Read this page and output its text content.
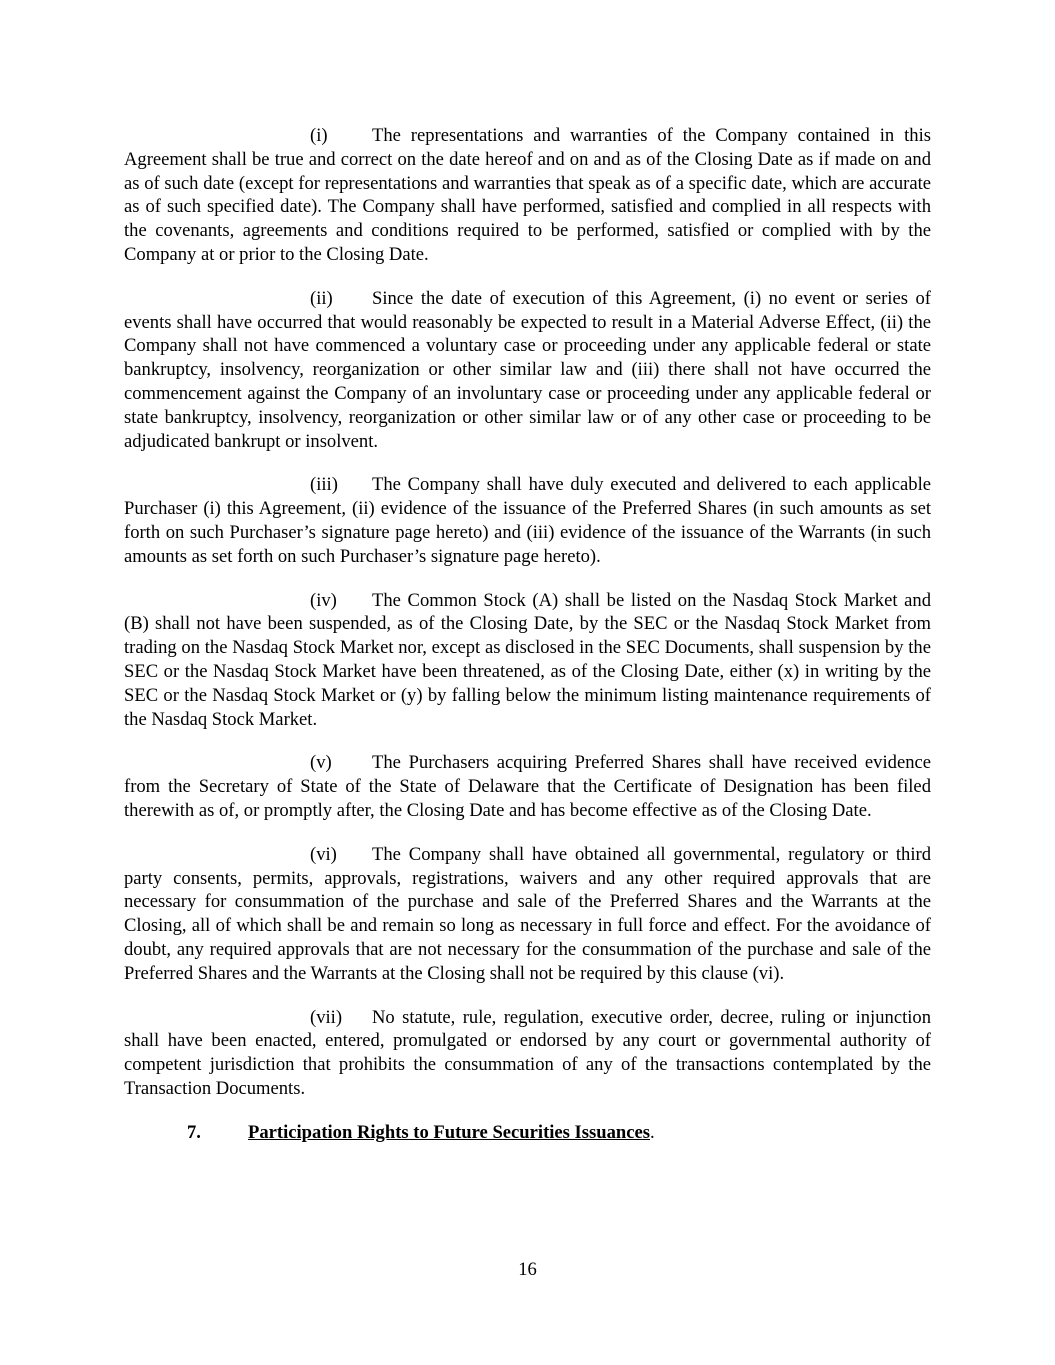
(i) The representations and warranties of the Company contained in this Agreement shall be true and correct on the date hereof and on and as of the Closing Date as if made on and as of such date (except for representations and warranties that speak as of a specific date, which are accurate as of such specified date). The Company shall have performed, satisfied and complied in all respects with the covenants, agreements and conditions required to be performed, satisfied or complied with by the Company at or prior to the Closing Date.

(ii) Since the date of execution of this Agreement, (i) no event or series of events shall have occurred that would reasonably be expected to result in a Material Adverse Effect, (ii) the Company shall not have commenced a voluntary case or proceeding under any applicable federal or state bankruptcy, insolvency, reorganization or other similar law and (iii) there shall not have occurred the commencement against the Company of an involuntary case or proceeding under any applicable federal or state bankruptcy, insolvency, reorganization or other similar law or of any other case or proceeding to be adjudicated bankrupt or insolvent.

(iii) The Company shall have duly executed and delivered to each applicable Purchaser (i) this Agreement, (ii) evidence of the issuance of the Preferred Shares (in such amounts as set forth on such Purchaser’s signature page hereto) and (iii) evidence of the issuance of the Warrants (in such amounts as set forth on such Purchaser’s signature page hereto).

(iv) The Common Stock (A) shall be listed on the Nasdaq Stock Market and (B) shall not have been suspended, as of the Closing Date, by the SEC or the Nasdaq Stock Market from trading on the Nasdaq Stock Market nor, except as disclosed in the SEC Documents, shall suspension by the SEC or the Nasdaq Stock Market have been threatened, as of the Closing Date, either (x) in writing by the SEC or the Nasdaq Stock Market or (y) by falling below the minimum listing maintenance requirements of the Nasdaq Stock Market.

(v) The Purchasers acquiring Preferred Shares shall have received evidence from the Secretary of State of the State of Delaware that the Certificate of Designation has been filed therewith as of, or promptly after, the Closing Date and has become effective as of the Closing Date.

(vi) The Company shall have obtained all governmental, regulatory or third party consents, permits, approvals, registrations, waivers and any other required approvals that are necessary for consummation of the purchase and sale of the Preferred Shares and the Warrants at the Closing, all of which shall be and remain so long as necessary in full force and effect. For the avoidance of doubt, any required approvals that are not necessary for the consummation of the purchase and sale of the Preferred Shares and the Warrants at the Closing shall not be required by this clause (vi).

(vii) No statute, rule, regulation, executive order, decree, ruling or injunction shall have been enacted, entered, promulgated or endorsed by any court or governmental authority of competent jurisdiction that prohibits the consummation of any of the transactions contemplated by the Transaction Documents.

7.	Participation Rights to Future Securities Issuances.

16
